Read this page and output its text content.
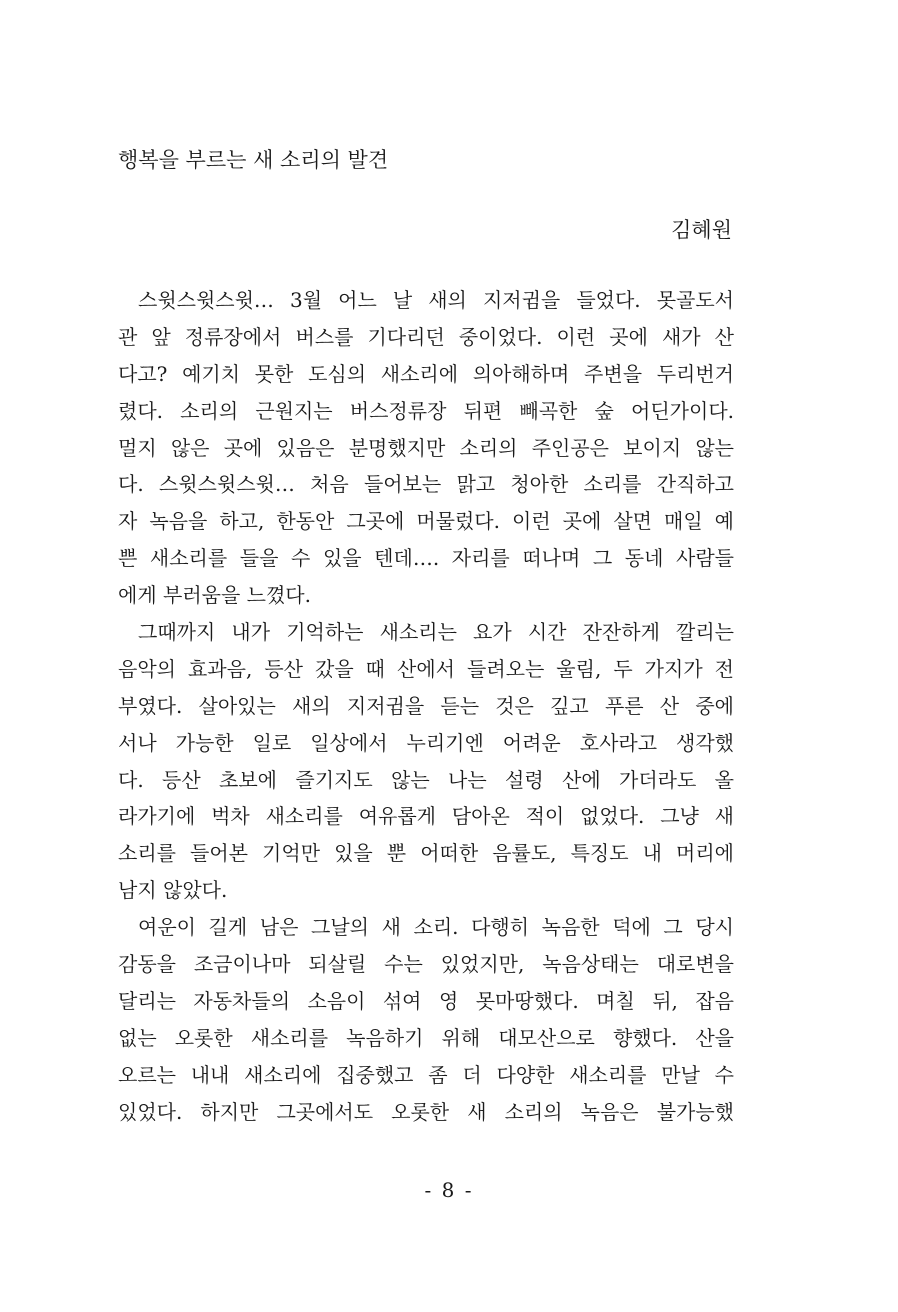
행복을 부르는 새 소리의 발견
김혜원
스윗스윗스윗… 3월 어느 날 새의 지저귐을 들었다. 못골도서
관 앞 정류장에서 버스를 기다리던 중이었다. 이런 곳에 새가 산
다고? 예기치 못한 도심의 새소리에 의아해하며 주변을 두리번거
렸다. 소리의 근원지는 버스정류장 뒤편 빼곡한 숲 어딘가이다.
멀지 않은 곳에 있음은 분명했지만 소리의 주인공은 보이지 않는
다. 스윗스윗스윗… 처음 들어보는 맑고 청아한 소리를 간직하고
자 녹음을 하고, 한동안 그곳에 머물렀다. 이런 곳에 살면 매일 예
쁜 새소리를 들을 수 있을 텐데…. 자리를 떠나며 그 동네 사람들
에게 부러움을 느꼈다.
그때까지 내가 기억하는 새소리는 요가 시간 잔잔하게 깔리는
음악의 효과음, 등산 갔을 때 산에서 들려오는 울림, 두 가지가 전
부였다. 살아있는 새의 지저귐을 듣는 것은 깊고 푸른 산 중에
서나 가능한 일로 일상에서 누리기엔 어려운 호사라고 생각했
다. 등산 초보에 즐기지도 않는 나는 설령 산에 가더라도 올
라가기에 벅차 새소리를 여유롭게 담아온 적이 없었다. 그냥 새
소리를 들어본 기억만 있을 뿐 어떠한 음률도, 특징도 내 머리에
남지 않았다.
여운이 길게 남은 그날의 새 소리. 다행히 녹음한 덕에 그 당시
감동을 조금이나마 되살릴 수는 있었지만, 녹음상태는 대로변을
달리는 자동차들의 소음이 섞여 영 못마땅했다. 며칠 뒤, 잡음
없는 오롯한 새소리를 녹음하기 위해 대모산으로 향했다. 산을
오르는 내내 새소리에 집중했고 좀 더 다양한 새소리를 만날 수
있었다. 하지만 그곳에서도 오롯한 새 소리의 녹음은 불가능했
- 8 -
